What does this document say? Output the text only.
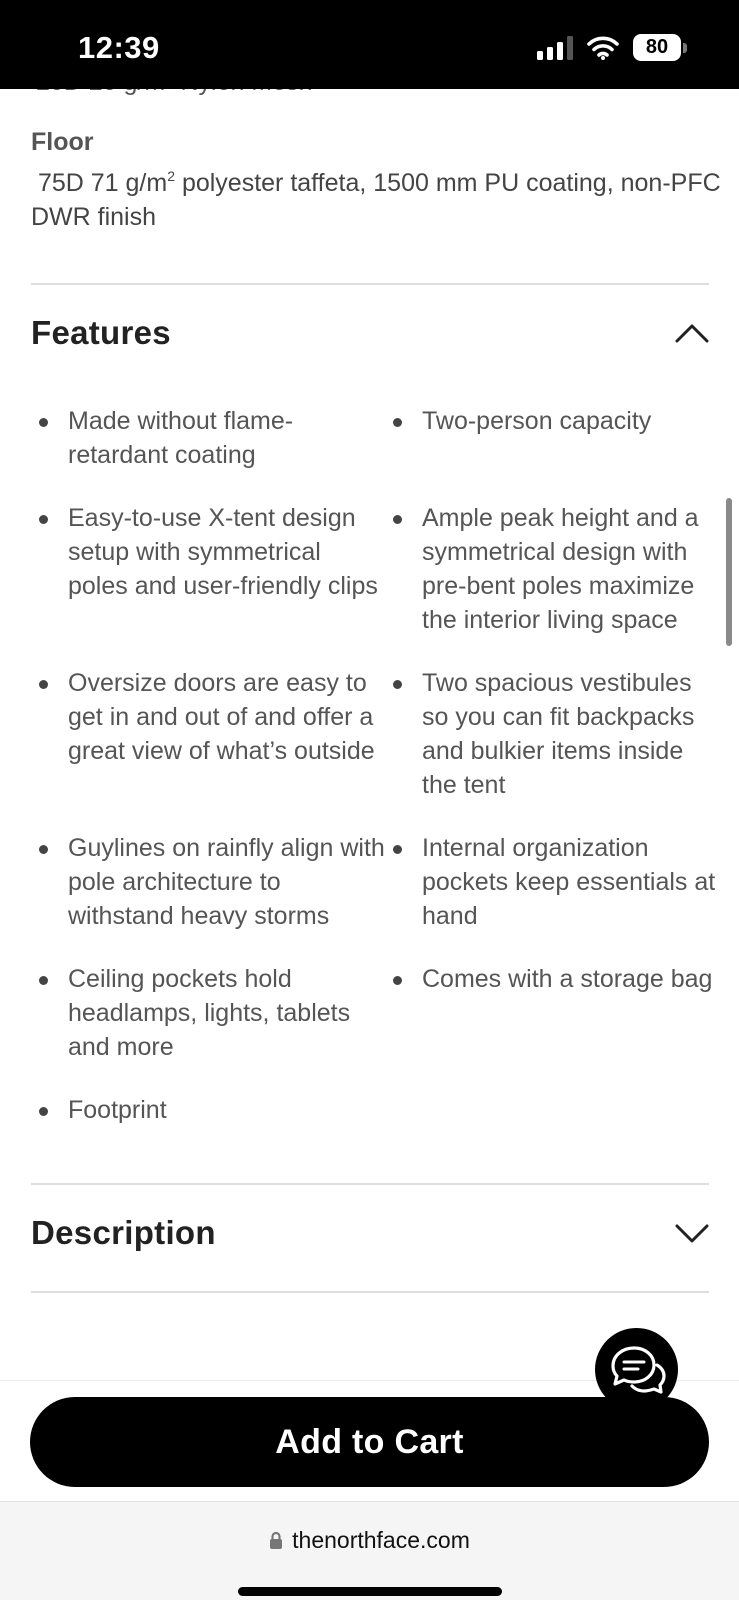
12:39	80
Floor
75D 71 $g/m^2$ polyester taffeta, 1500 mm PU coating, non-PFC DWR finish
Features
Made without flame-retardant coating
Two-person capacity
Easy-to-use X-tent design setup with symmetrical poles and user-friendly clips
Ample peak height and a symmetrical design with pre-bent poles maximize the interior living space
Oversize doors are easy to get in and out of and offer a great view of what’s outside
Two spacious vestibules so you can fit backpacks and bulkier items inside the tent
Guylines on rainfly align with pole architecture to withstand heavy storms
Internal organization pockets keep essentials at hand
Ceiling pockets hold headlamps, lights, tablets and more
Comes with a storage bag
Footprint
Description
Add to Cart
thenorthface.com
